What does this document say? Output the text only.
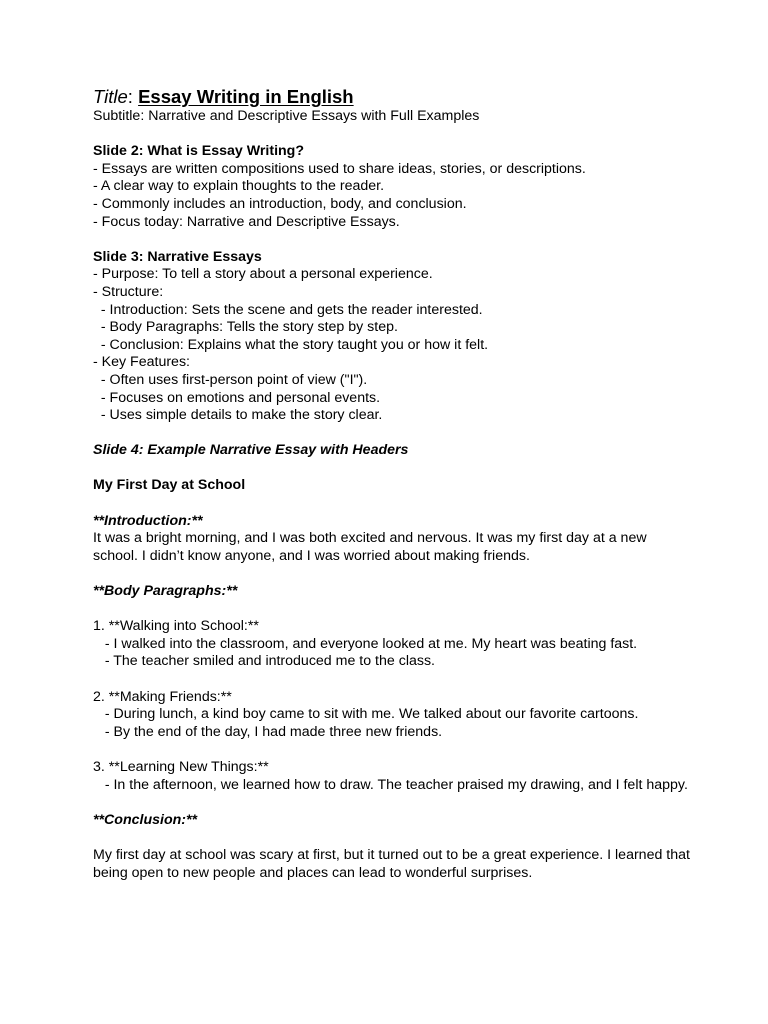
Title: Essay Writing in English
Subtitle: Narrative and Descriptive Essays with Full Examples
Slide 2: What is Essay Writing?
- Essays are written compositions used to share ideas, stories, or descriptions.
- A clear way to explain thoughts to the reader.
- Commonly includes an introduction, body, and conclusion.
- Focus today: Narrative and Descriptive Essays.
Slide 3: Narrative Essays
- Purpose: To tell a story about a personal experience.
- Structure:
- Introduction: Sets the scene and gets the reader interested.
- Body Paragraphs: Tells the story step by step.
- Conclusion: Explains what the story taught you or how it felt.
- Key Features:
- Often uses first-person point of view ("I").
- Focuses on emotions and personal events.
- Uses simple details to make the story clear.
Slide 4: Example Narrative Essay with Headers
My First Day at School
**Introduction:**
It was a bright morning, and I was both excited and nervous. It was my first day at a new school. I didn’t know anyone, and I was worried about making friends.
**Body Paragraphs:**
1. **Walking into School:**
- I walked into the classroom, and everyone looked at me. My heart was beating fast.
- The teacher smiled and introduced me to the class.
2. **Making Friends:**
- During lunch, a kind boy came to sit with me. We talked about our favorite cartoons.
- By the end of the day, I had made three new friends.
3. **Learning New Things:**
- In the afternoon, we learned how to draw. The teacher praised my drawing, and I felt happy.
**Conclusion:**
My first day at school was scary at first, but it turned out to be a great experience. I learned that being open to new people and places can lead to wonderful surprises.
